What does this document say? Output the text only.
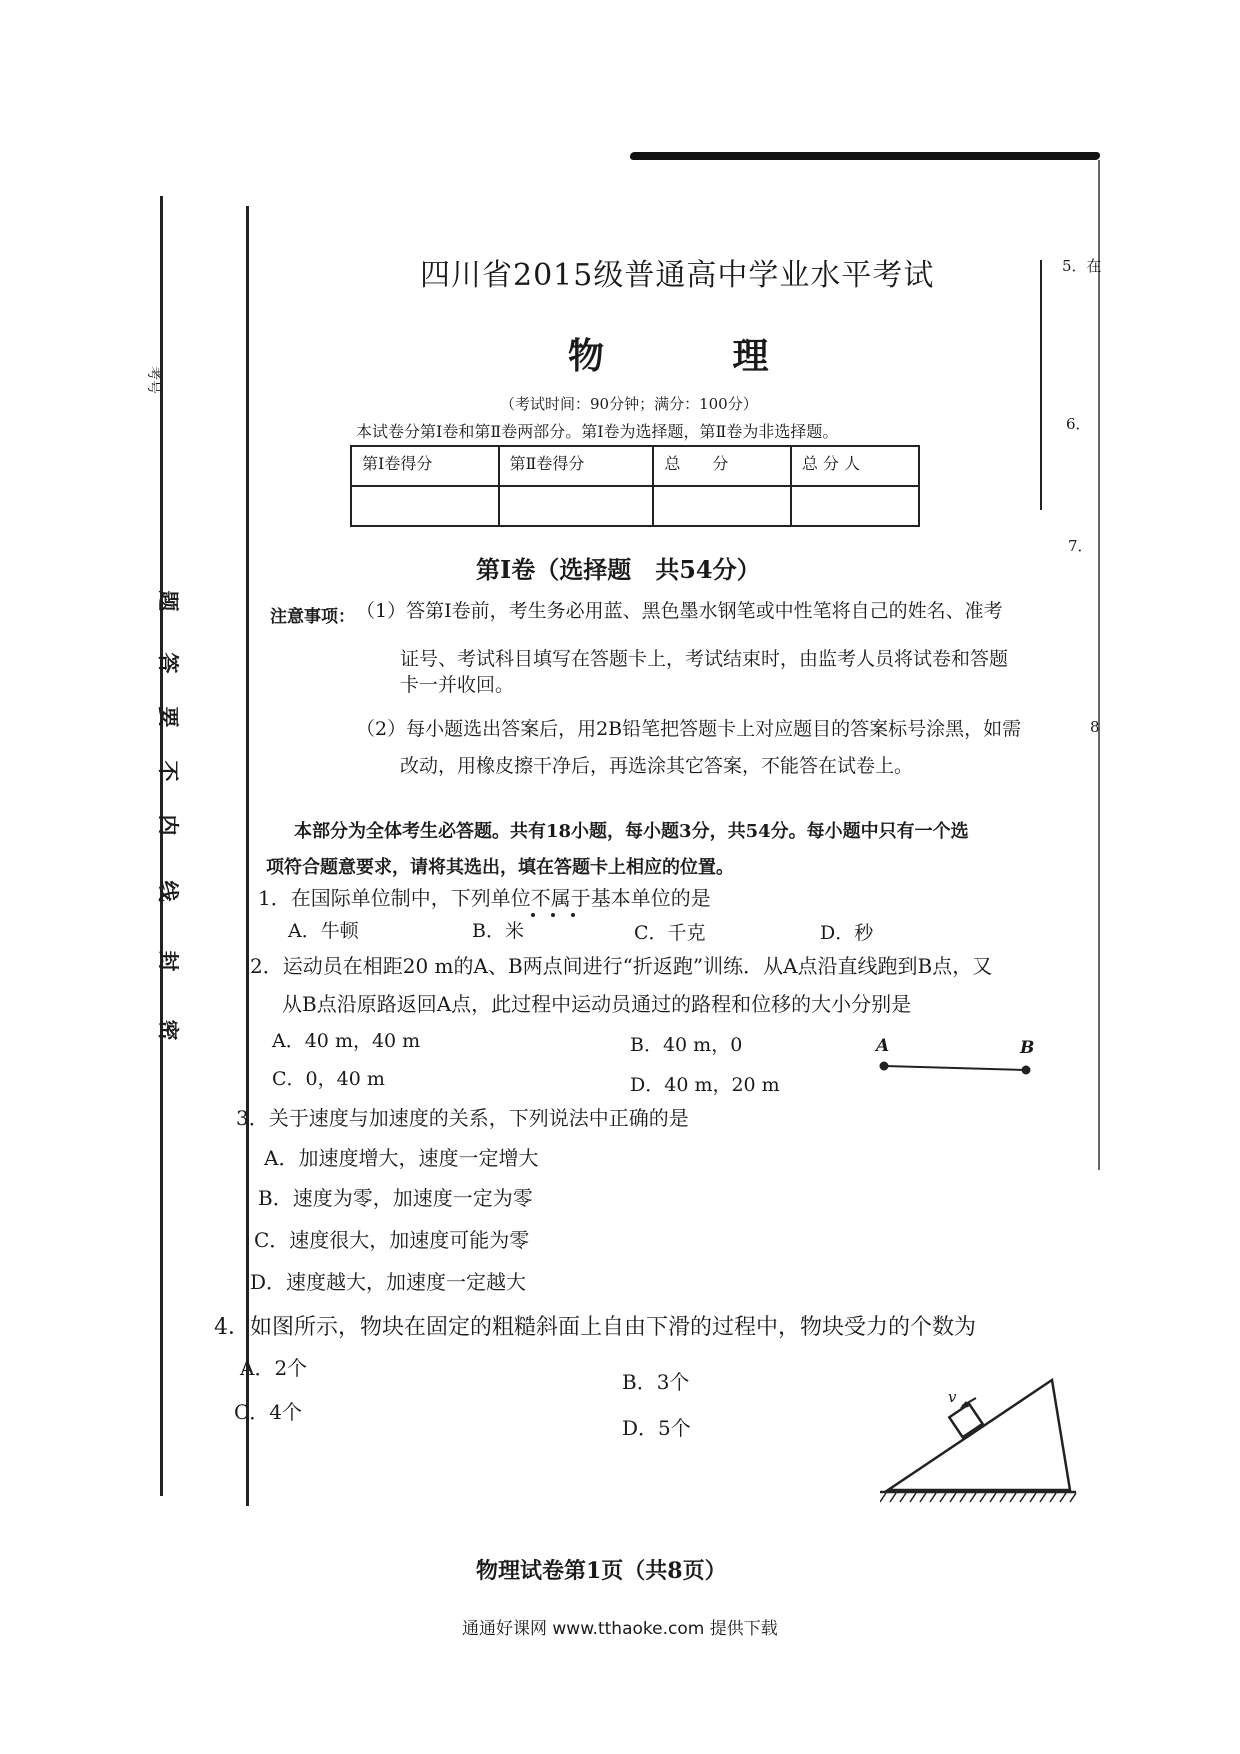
考号
密
封
线
内
不
要
答
题
5．在
6．
7．
8
四川省2015级普通高中学业水平考试
物 理
（考试时间：90分钟；满分：100分）
本试卷分第Ⅰ卷和第Ⅱ卷两部分。第Ⅰ卷为选择题，第Ⅱ卷为非选择题。
第Ⅰ卷得分	第Ⅱ卷得分	总　　分	总 分 人

第Ⅰ卷（选择题　共54分）
注意事项： （1）答第Ⅰ卷前，考生务必用蓝、黑色墨水钢笔或中性笔将自己的姓名、准考
证号、考试科目填写在答题卡上，考试结束时，由监考人员将试卷和答题
卡一并收回。
（2）每小题选出答案后，用2B铅笔把答题卡上对应题目的答案标号涂黑，如需
改动，用橡皮擦干净后，再选涂其它答案，不能答在试卷上。
本部分为全体考生必答题。共有18小题，每小题3分，共54分。每小题中只有一个选
项符合题意要求，请将其选出，填在答题卡上相应的位置。
1．在国际单位制中，下列单位不属于基本单位的是
A．牛顿	B．米	C．千克	D．秒
2．运动员在相距20 m的A、B两点间进行“折返跑”训练．从A点沿直线跑到B点，又
从B点沿原路返回A点，此过程中运动员通过的路程和位移的大小分别是
A．40 m，40 m	B．40 m，0
C．0，40 m	D．40 m，20 m
A	B
3．关于速度与加速度的关系，下列说法中正确的是
A．加速度增大，速度一定增大
B．速度为零，加速度一定为零
C．速度很大，加速度可能为零
D．速度越大，加速度一定越大
4．如图所示，物块在固定的粗糙斜面上自由下滑的过程中，物块受力的个数为
A．2个
B．3个
C．4个
D．5个
v
物理试卷第1页（共8页）
通通好课网 www.tthaoke.com 提供下载
